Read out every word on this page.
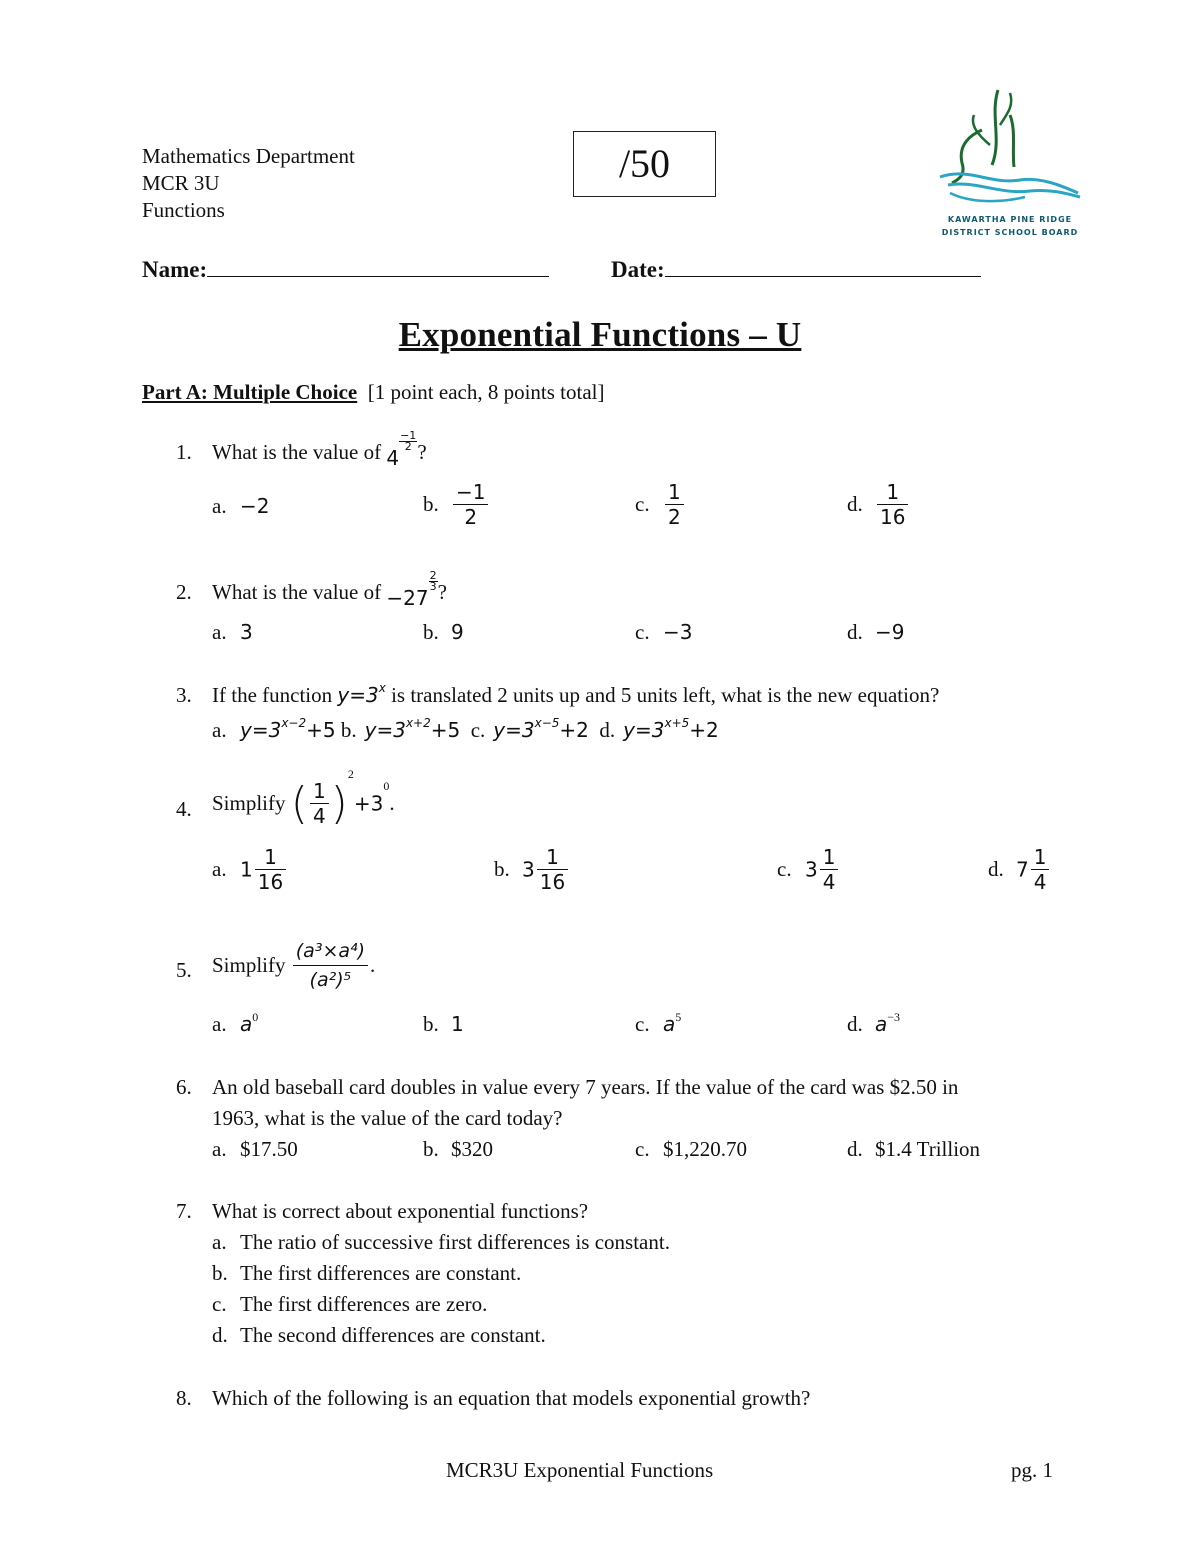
Mathematics Department
MCR 3U
Functions
/50
KAWARTHA PINE RIDGE
DISTRICT SCHOOL BOARD
Name:	Date:
Exponential Functions – U
Part A: Multiple Choice [1 point each, 8 points total]
1. What is the value of 4
$\frac{-1}{2}$ ?
a. −2	b. $\frac{-1}{2}$	c. $\frac{1}{2}$	d. $\frac{1}{16}$
2. What is the value of −27
$\frac{2}{3}$ ?
a. 3	b. 9	c. −3	d. −9
3. If the function $y=3^x$ is translated 2 units up and 5 units left, what is the new equation?
a. $y=3^{x-2}+5$ b. $y=3^{x+2}+5$ c. $y=3^{x-5}+2$ d. $y=3^{x+5}+2$
4. Simplify ( $\frac{1}{4} )^2+3^0$.
a. $1 \frac{1}{16}$	b. $3 \frac{1}{16}$	c. $3 \frac{1}{4}$	d. $7 \frac{1}{4}$
5. Simplify $\frac{\text{(a³×a⁴)}}{\text{(a²)⁵}}$ .
a. $a^0$	b. 1	c. $a^5$	d. $a^{-3}$
6. An old baseball card doubles in value every 7 years. If the value of the card was $2.50 in
1963, what is the value of the card today?
a. $17.50	b. $320	c. $1,220.70	d. $1.4 Trillion
7. What is correct about exponential functions?
a. The ratio of successive first differences is constant.
b. The first differences are constant.
c. The first differences are zero.
d. The second differences are constant.
8. Which of the following is an equation that models exponential growth?
MCR3U Exponential Functions	pg. 1
